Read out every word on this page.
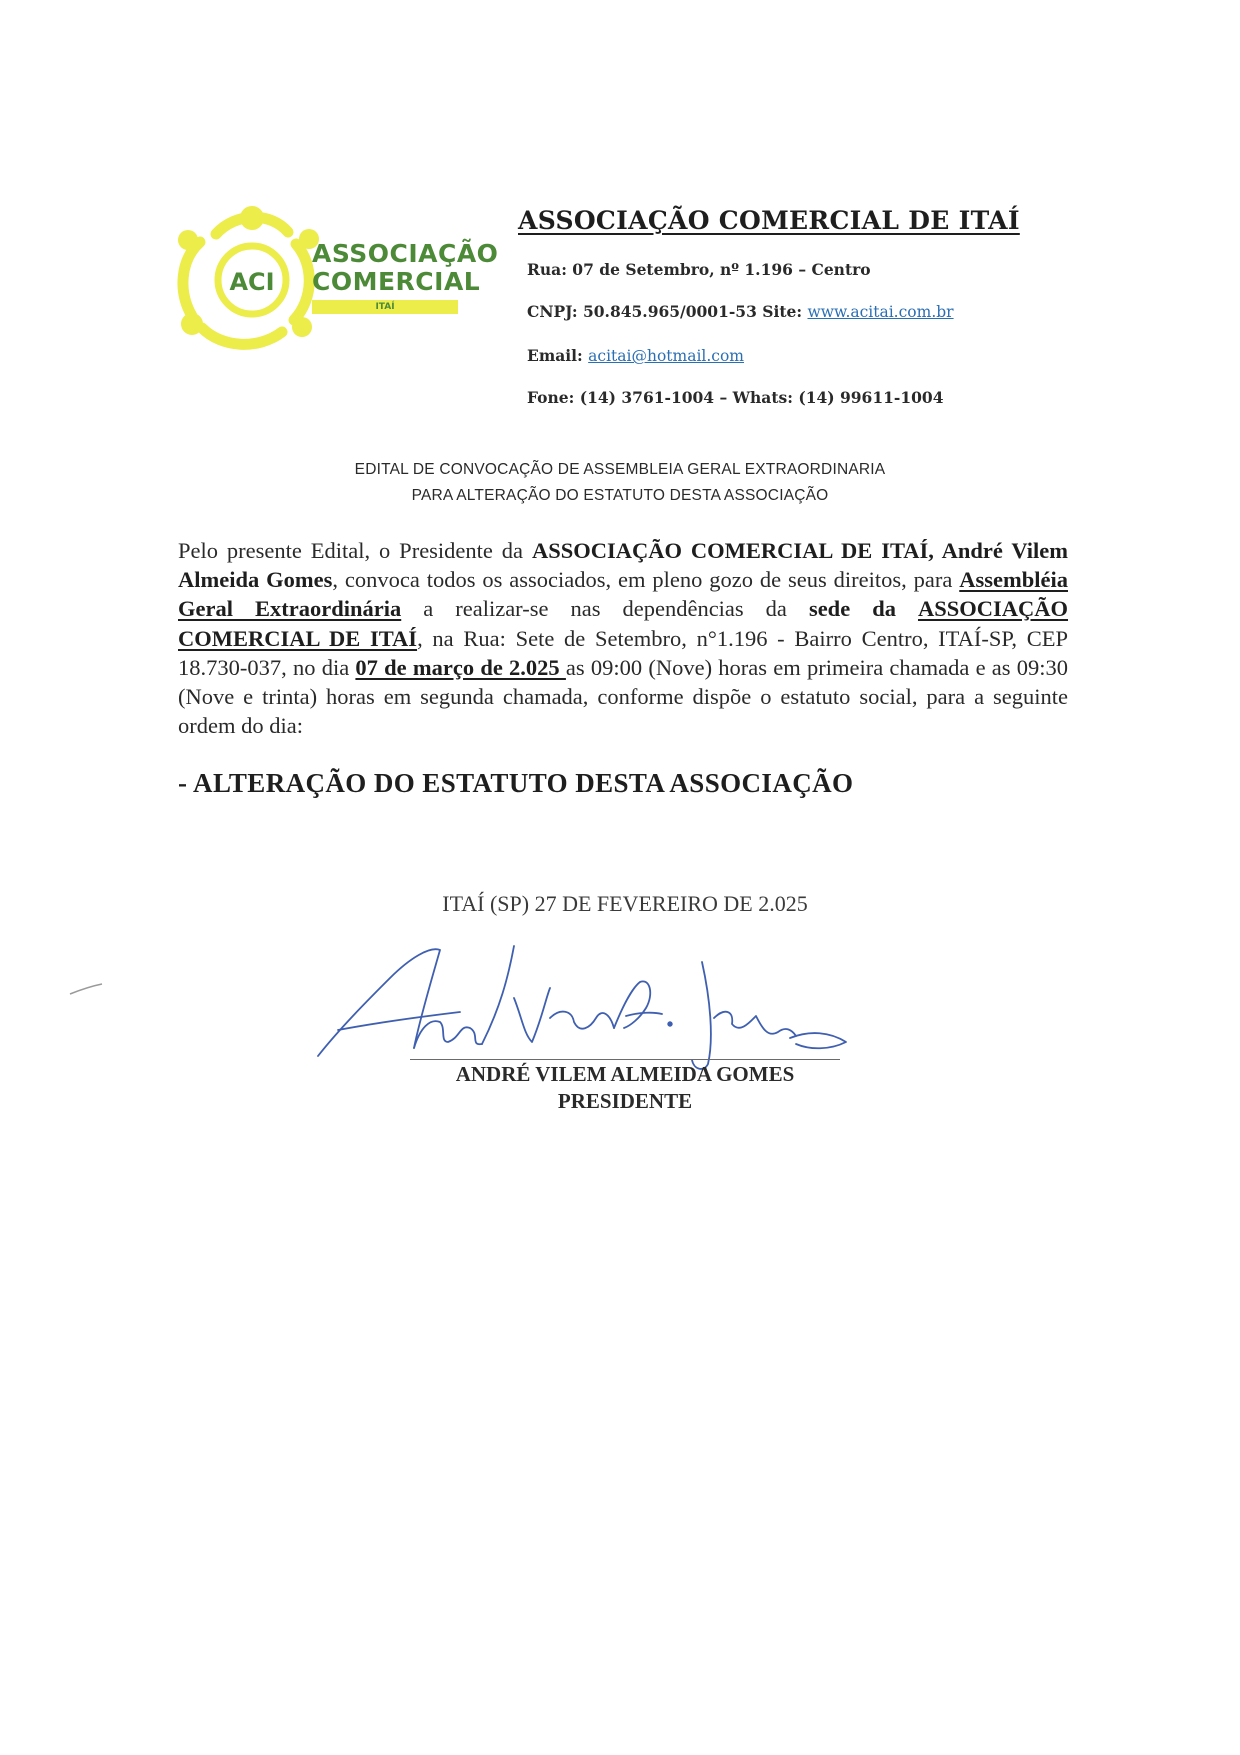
ACI
ASSOCIAÇÃO
COMERCIAL
ITAÍ
ASSOCIAÇÃO COMERCIAL DE ITAÍ
Rua: 07 de Setembro, nº 1.196 – Centro
CNPJ: 50.845.965/0001-53 Site: www.acitai.com.br
Email: acitai@hotmail.com
Fone: (14) 3761-1004 – Whats: (14) 99611-1004
EDITAL DE CONVOCAÇÃO DE ASSEMBLEIA GERAL EXTRAORDINARIA
PARA ALTERAÇÃO DO ESTATUTO DESTA ASSOCIAÇÃO
Pelo presente Edital, o Presidente da ASSOCIAÇÃO COMERCIAL DE ITAÍ, André Vilem Almeida Gomes, convoca todos os associados, em pleno gozo de seus direitos, para Assembléia Geral Extraordinária a realizar-se nas dependências da sede da ASSOCIAÇÃO COMERCIAL DE ITAÍ, na Rua: Sete de Setembro, n°1.196 - Bairro Centro, ITAÍ-SP, CEP 18.730-037, no dia 07 de março de 2.025 as 09:00 (Nove) horas em primeira chamada e as 09:30 (Nove e trinta) horas em segunda chamada, conforme dispõe o estatuto social, para a seguinte ordem do dia:
- ALTERAÇÃO DO ESTATUTO DESTA ASSOCIAÇÃO
ITAÍ (SP) 27 DE FEVEREIRO DE 2.025
ANDRÉ VILEM ALMEIDA GOMES
PRESIDENTE
